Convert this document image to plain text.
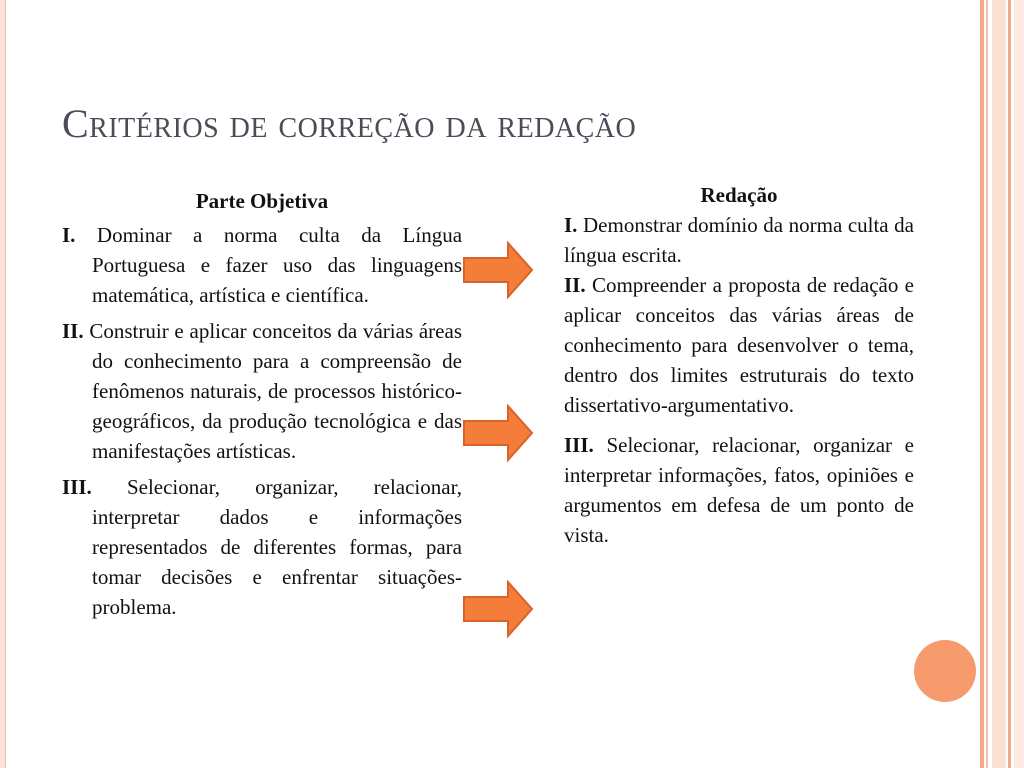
Critérios de correção da redação

Parte Objetiva

I. Dominar a norma culta da Língua Portuguesa e fazer uso das linguagens matemática, artística e científica.

II. Construir e aplicar conceitos da várias áreas do conhecimento para a compreensão de fenômenos naturais, de processos histórico-geográficos, da produção tecnológica e das manifestações artísticas.

III. Selecionar, organizar, relacionar, interpretar dados e informações representados de diferentes formas, para tomar decisões e enfrentar situações-problema.

Redação

I. Demonstrar domínio da norma culta da língua escrita.

II. Compreender a proposta de redação e aplicar conceitos das várias áreas de conhecimento para desenvolver o tema, dentro dos limites estruturais do texto dissertativo-argumentativo.

III. Selecionar, relacionar, organizar e interpretar informações, fatos, opiniões e argumentos em defesa de um ponto de vista.
